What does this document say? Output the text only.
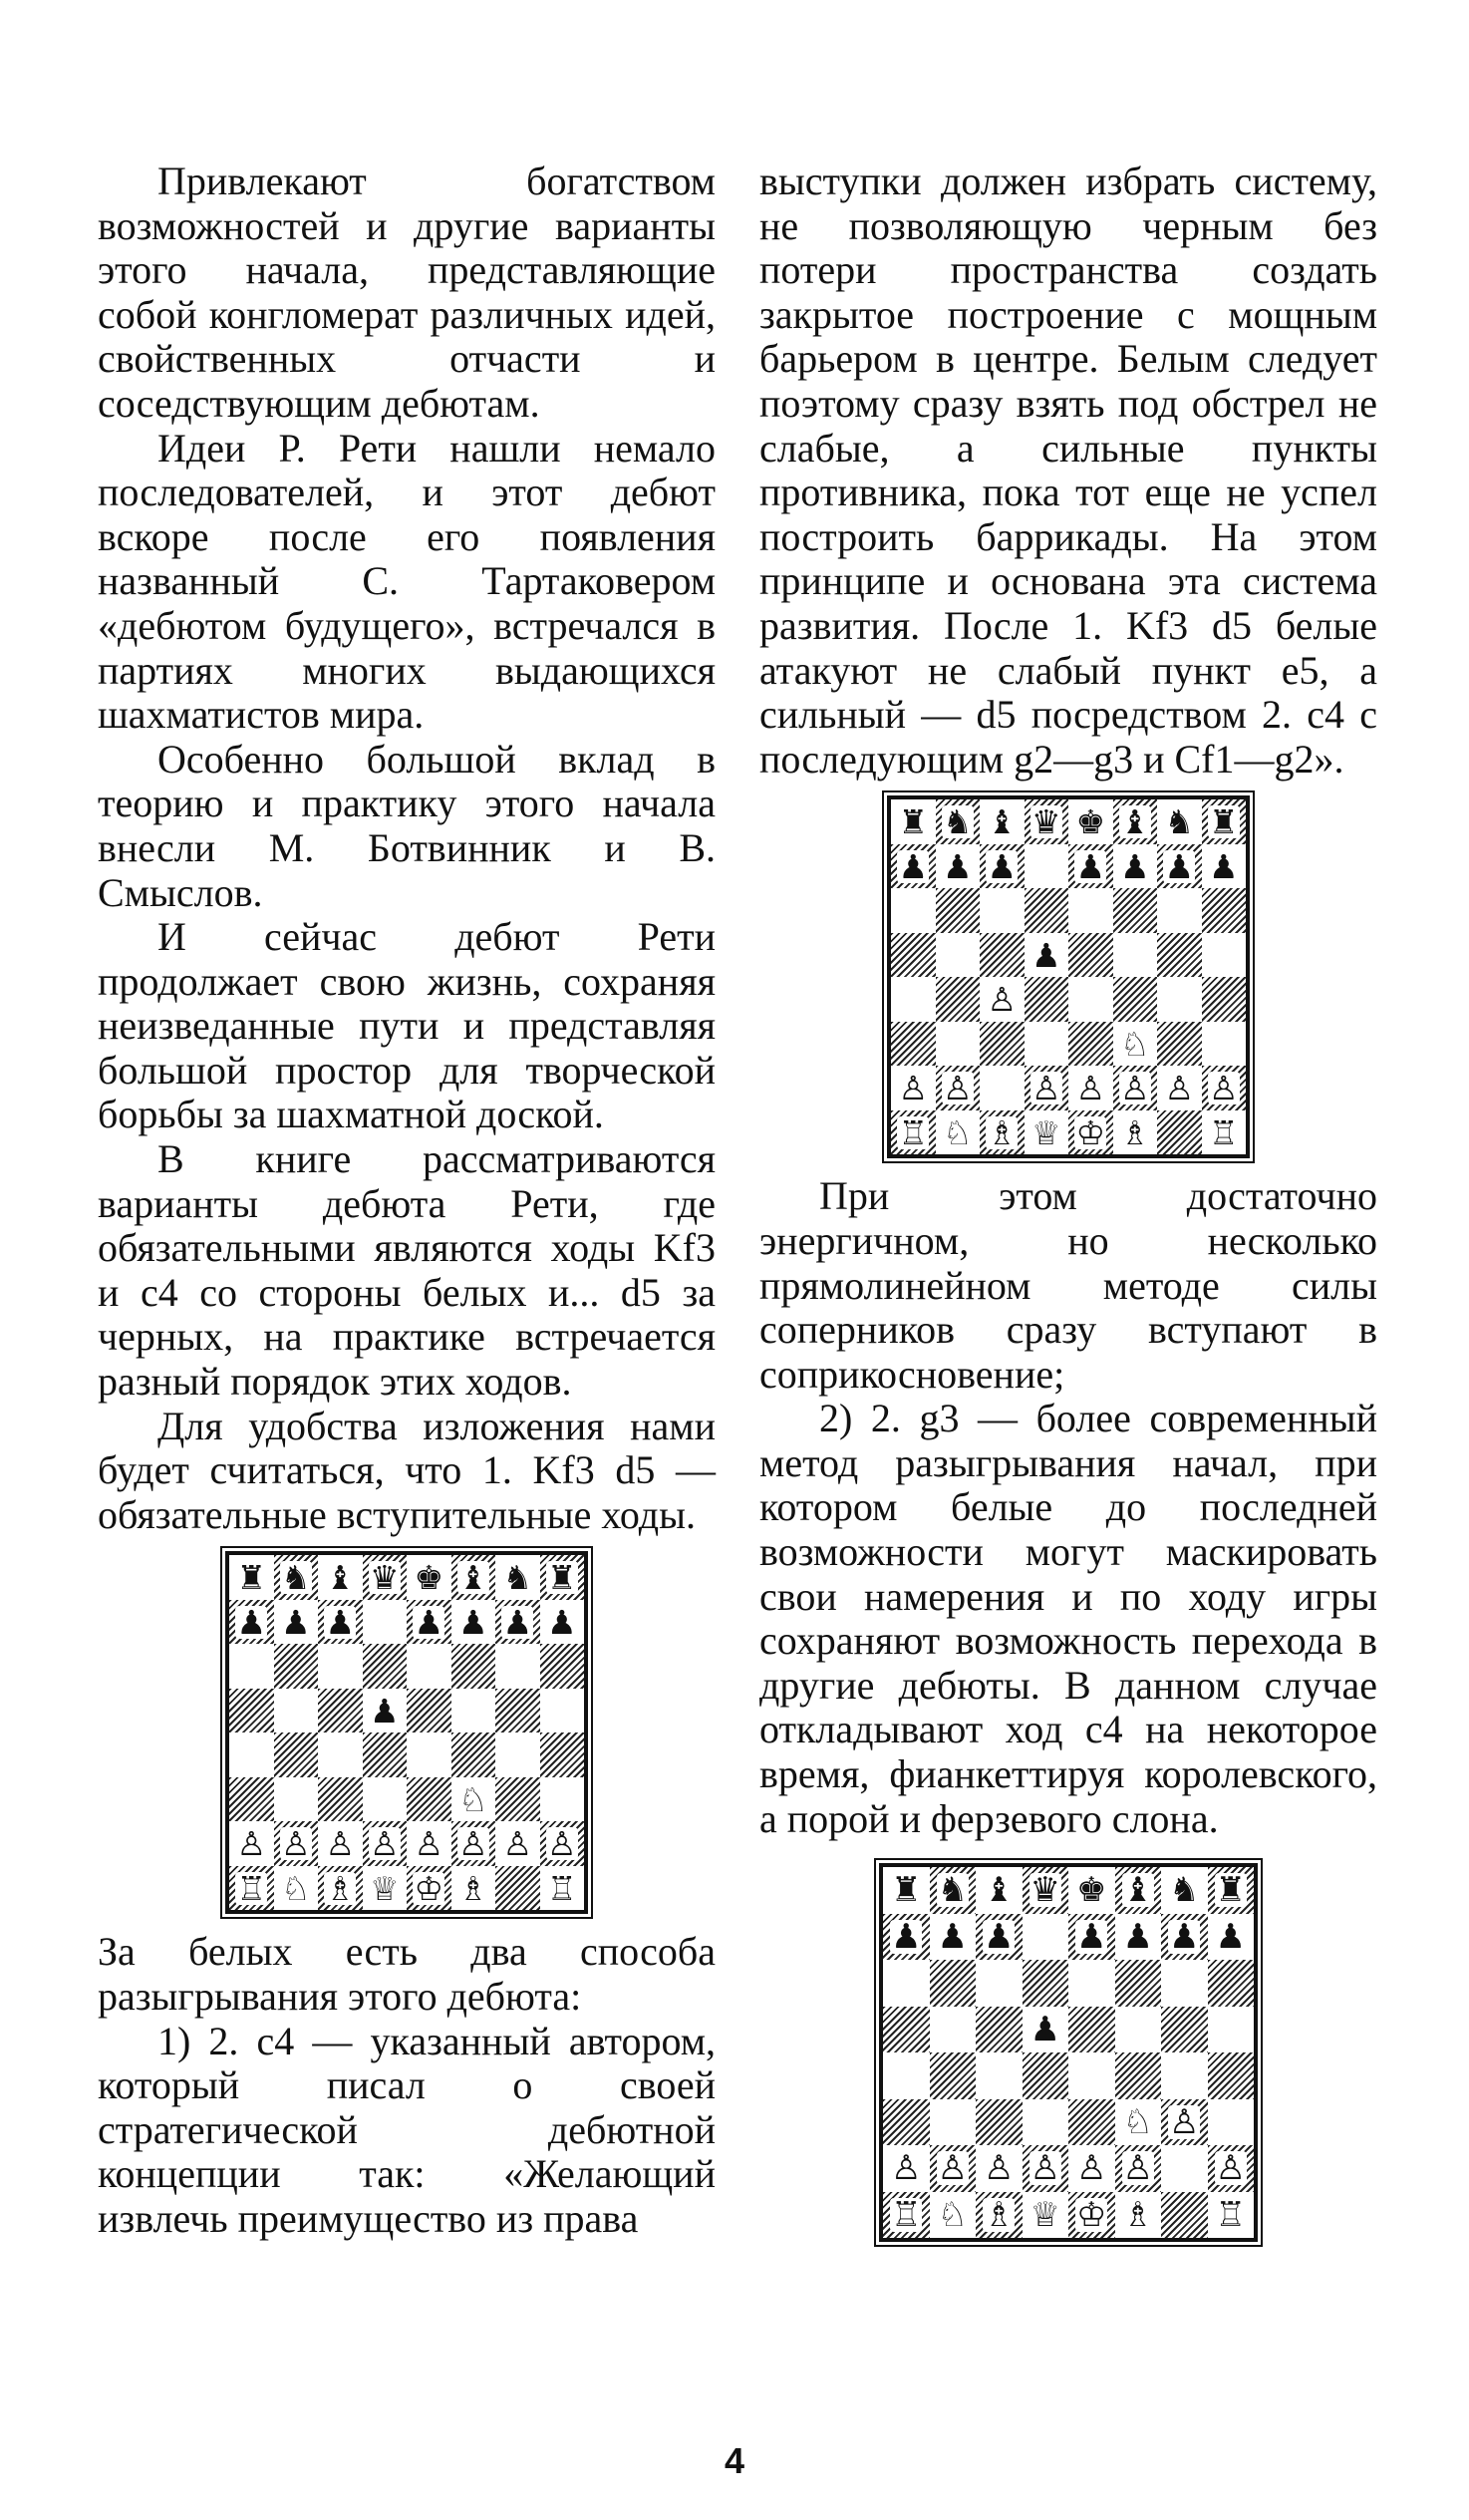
Привлекают богатством возможностей и другие варианты этого начала, представляющие собой конгломерат различных идей, свойственных отчасти и соседствующим дебютам.

Идеи Р. Рети нашли немало последователей, и этот дебют вскоре после его появления названный С. Тартаковером «дебютом будущего», встречался в партиях многих выдающихся шахматистов мира.

Особенно большой вклад в теорию и практику этого начала внесли М. Ботвинник и В. Смыслов.

И сейчас дебют Рети продолжает свою жизнь, сохраняя неизведанные пути и представляя большой простор для творческой борьбы за шахматной доской.

В книге рассматриваются варианты дебюта Рети, где обязательными являются ходы Kf3 и c4 со стороны белых и... d5 за черных, на практике встречается разный порядок этих ходов.

Для удобства изложения нами будет считаться, что 1. Kf3 d5 — обязательные вступительные ходы.

♜ ♞ ♝ ♛ ♚ ♝ ♞ ♜
♟ ♟ ♟ ♟ ♟ ♟ ♟
♟
♘
♙ ♙ ♙ ♙ ♙ ♙ ♙ ♙
♖ ♘ ♗ ♕ ♔ ♗ ♖

За белых есть два способа разыгрывания этого дебюта:

1) 2. c4 — указанный автором, который писал о своей стратегической дебютной концепции так: «Желающий извлечь преимущество из права

выступки должен избрать систему, не позволяющую черным без потери пространства создать закрытое построение с мощным барьером в центре. Белым следует поэтому сразу взять под обстрел не слабые, а сильные пункты противника, пока тот еще не успел построить баррикады. На этом принципе и основана эта система развития. После 1. Kf3 d5 белые атакуют не слабый пункт e5, а сильный — d5 посредством 2. c4 с последующим g2—g3 и Cf1—g2».

♜ ♞ ♝ ♛ ♚ ♝ ♞ ♜
♟ ♟ ♟ ♟ ♟ ♟ ♟
♟
♙
♘
♙ ♙ ♙ ♙ ♙ ♙ ♙
♖ ♘ ♗ ♕ ♔ ♗ ♖

При этом достаточно энергичном, но несколько прямолинейном методе силы соперников сразу вступают в соприкосновение;

2) 2. g3 — более современный метод разыгрывания начал, при котором белые до последней возможности могут маскировать свои намерения и по ходу игры сохраняют возможность перехода в другие дебюты. В данном случае откладывают ход c4 на некоторое время, фианкеттируя королевского, а порой и ферзевого слона.

♜ ♞ ♝ ♛ ♚ ♝ ♞ ♜
♟ ♟ ♟ ♟ ♟ ♟ ♟
♟
♘ ♙
♙ ♙ ♙ ♙ ♙ ♙ ♙
♖ ♘ ♗ ♕ ♔ ♗ ♖
4
